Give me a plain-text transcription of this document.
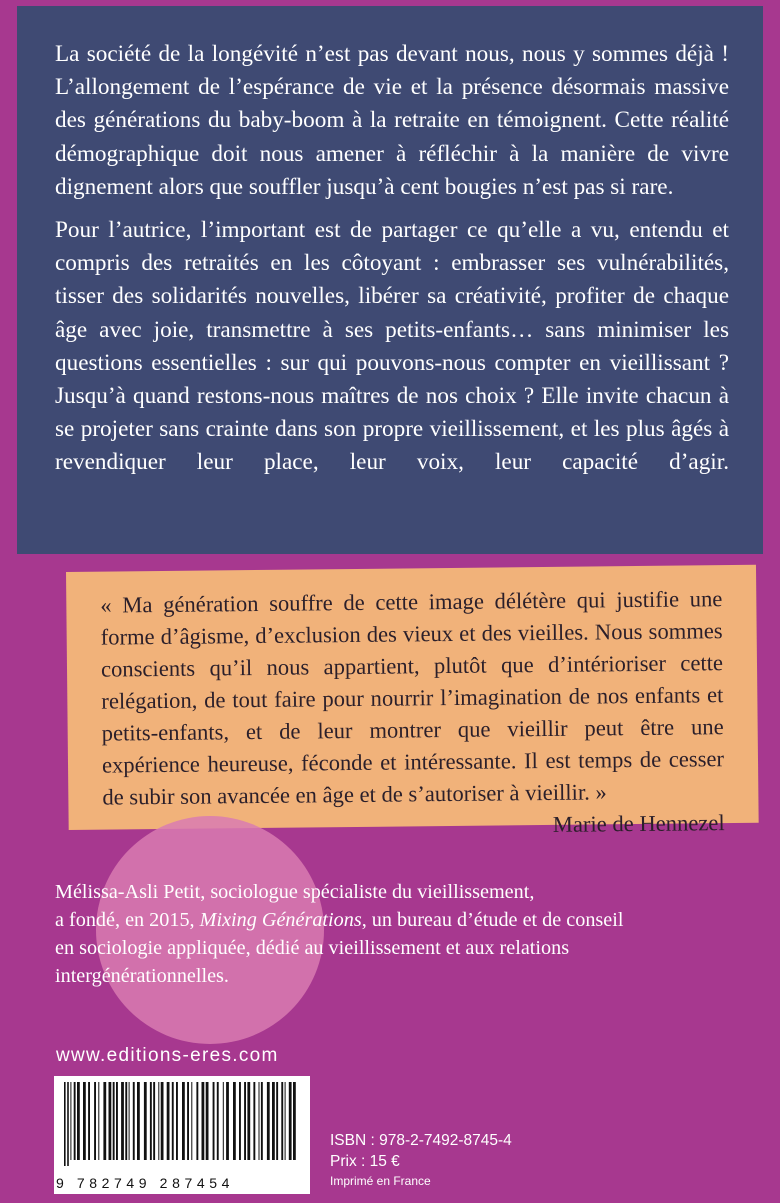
La société de la longévité n’est pas devant nous, nous y sommes déjà ! L’allongement de l’espérance de vie et la présence désormais massive des générations du baby-boom à la retraite en témoignent. Cette réalité démographique doit nous amener à réfléchir à la manière de vivre dignement alors que souffler jusqu’à cent bougies n’est pas si rare.

Pour l’autrice, l’important est de partager ce qu’elle a vu, entendu et compris des retraités en les côtoyant : embrasser ses vulnérabilités, tisser des solidarités nouvelles, libérer sa créativité, profiter de chaque âge avec joie, transmettre à ses petits-enfants… sans minimiser les questions essentielles : sur qui pouvons-nous compter en vieillissant ? Jusqu’à quand restons-nous maîtres de nos choix ? Elle invite chacun à se projeter sans crainte dans son propre vieillissement, et les plus âgés à revendiquer leur place, leur voix, leur capacité d’agir.

« Ma génération souffre de cette image délétère qui justifie une forme d’âgisme, d’exclusion des vieux et des vieilles. Nous sommes conscients qu’il nous appartient, plutôt que d’intérioriser cette relégation, de tout faire pour nourrir l’imagination de nos enfants et petits-enfants, et de leur montrer que vieillir peut être une expérience heureuse, féconde et intéressante. Il est temps de cesser de subir son avancée en âge et de s’autoriser à vieillir. »

Marie de Hennezel
Mélissa-Asli Petit, sociologue spécialiste du vieillissement,
a fondé, en 2015, Mixing Générations, un bureau d’étude et de conseil
en sociologie appliquée, dédié au vieillissement et aux relations
intergénérationnelles.
www.editions-eres.com
9 782749 287454
ISBN : 978-2-7492-8745-4
Prix : 15 €
Imprimé en France
